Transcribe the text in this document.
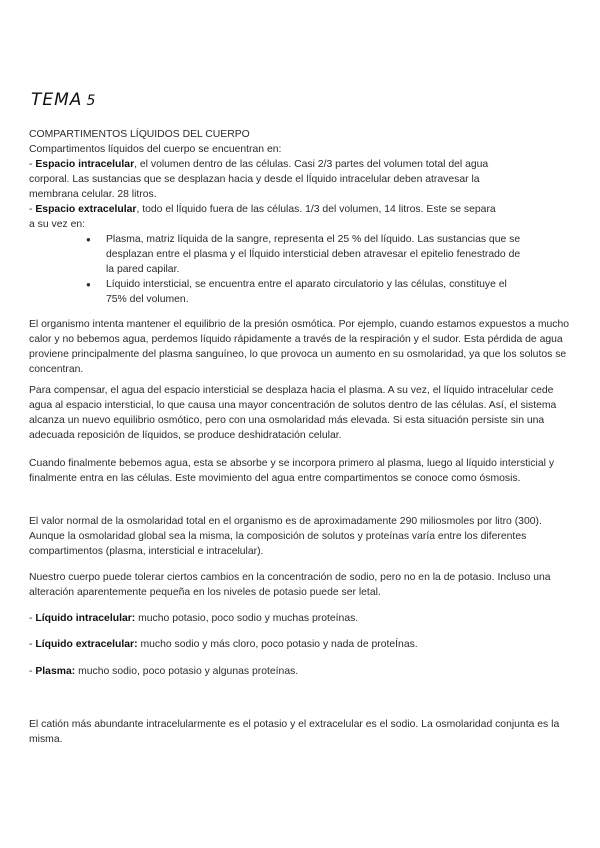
TEMA 5

COMPARTIMENTOS LÍQUIDOS DEL CUERPO

Compartimentos líquidos del cuerpo se encuentran en:

- Espacio intracelular, el volumen dentro de las células. Casi 2/3 partes del volumen total del agua corporal. Las sustancias que se desplazan hacia y desde el lÍquido intracelular deben atravesar la membrana celular. 28 litros.

- Espacio extracelular, todo el lÍquido fuera de las células. 1/3 del volumen, 14 litros. Este se separa a su vez en:

● Plasma, matriz líquida de la sangre, representa el 25 % del líquido. Las sustancias que se desplazan entre el plasma y el lÍquido intersticial deben atravesar el epitelio fenestrado de la pared capilar.
● Líquido intersticial, se encuentra entre el aparato circulatorio y las células, constituye el 75% del volumen.

El organismo intenta mantener el equilibrio de la presión osmótica. Por ejemplo, cuando estamos expuestos a mucho calor y no bebemos agua, perdemos líquido rápidamente a través de la respiración y el sudor. Esta pérdida de agua proviene principalmente del plasma sanguíneo, lo que provoca un aumento en su osmolaridad, ya que los solutos se concentran.

Para compensar, el agua del espacio intersticial se desplaza hacia el plasma. A su vez, el líquido intracelular cede agua al espacio intersticial, lo que causa una mayor concentración de solutos dentro de las células. Así, el sistema alcanza un nuevo equilibrio osmótico, pero con una osmolaridad más elevada. Si esta situación persiste sin una adecuada reposición de líquidos, se produce deshidratación celular.

Cuando finalmente bebemos agua, esta se absorbe y se incorpora primero al plasma, luego al líquido intersticial y finalmente entra en las células. Este movimiento del agua entre compartimentos se conoce como ósmosis.

El valor normal de la osmolaridad total en el organismo es de aproximadamente 290 miliosmoles por litro (300). Aunque la osmolaridad global sea la misma, la composición de solutos y proteínas varía entre los diferentes compartimentos (plasma, intersticial e intracelular).

Nuestro cuerpo puede tolerar ciertos cambios en la concentración de sodio, pero no en la de potasio. Incluso una alteración aparentemente pequeña en los niveles de potasio puede ser letal.

- Líquido intracelular: mucho potasio, poco sodio y muchas proteínas.

- Líquido extracelular: mucho sodio y más cloro, poco potasio y nada de proteÍnas.

- Plasma: mucho sodio, poco potasio y algunas proteínas.

El catión más abundante intracelularmente es el potasio y el extracelular es el sodio. La osmolaridad conjunta es la misma.
